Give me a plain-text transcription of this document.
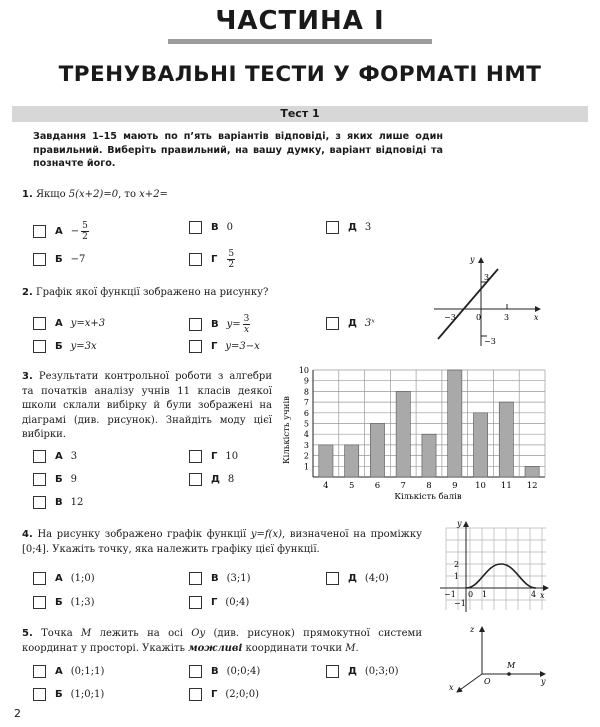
ЧАСТИНА І
ТРЕНУВАЛЬНІ ТЕСТИ У ФОРМАТІ НМТ
Тест 1
Завдання 1–15 мають по п’ять варіантів відповіді, з яких лише один правильний. Виберіть правильний, на вашу думку, варіант відповіді та позначте його.
1. Якщо 5(x+2)=0, то x+2=
$А - \frac{5}{2}$	В 0	Д 3
Б −7	Г $\frac{5}{2}$	y
x
3
−3
−3	0	3
2. Графік якої функції зображено на рисунку?
А y=x+3	В $y= \frac{3}{x}$	Д 3ˣ
Б y=3x	Г y=3−x
3. Результати контрольної роботи з алгебри та початків аналізу учнів 11 класів деякої школи склали вибірку й були зображені на діаграмі (див. рисунок). Знайдіть моду цієї вибірки.
А 3	Г 10
Б 9	Д 8
В 12
4 5 6 7 8 9 10 11 12
1
2
3
4
5
6
7
8
9
10
Кількість балів
Кількість учнів
4. На рисунку зображено графік функції y=f(x), визначеної на проміжку [0;4]. Укажіть точку, яка належить графіку цієї функції.
А (1;0)	В (3;1)	Д (4;0)
Б (1;3)	Г (0;4)
y
x
2
1
−1 0 1	4
−1
5. Точка M лежить на осі Oy (див. рисунок) прямокутної системи координат у просторі. Укажіть можливі координати точки M.
А (0;1;1)	В (0;0;4)	Д (0;3;0)
Б (1;0;1)	Г (2;0;0)
z
y
x
M
O
2
